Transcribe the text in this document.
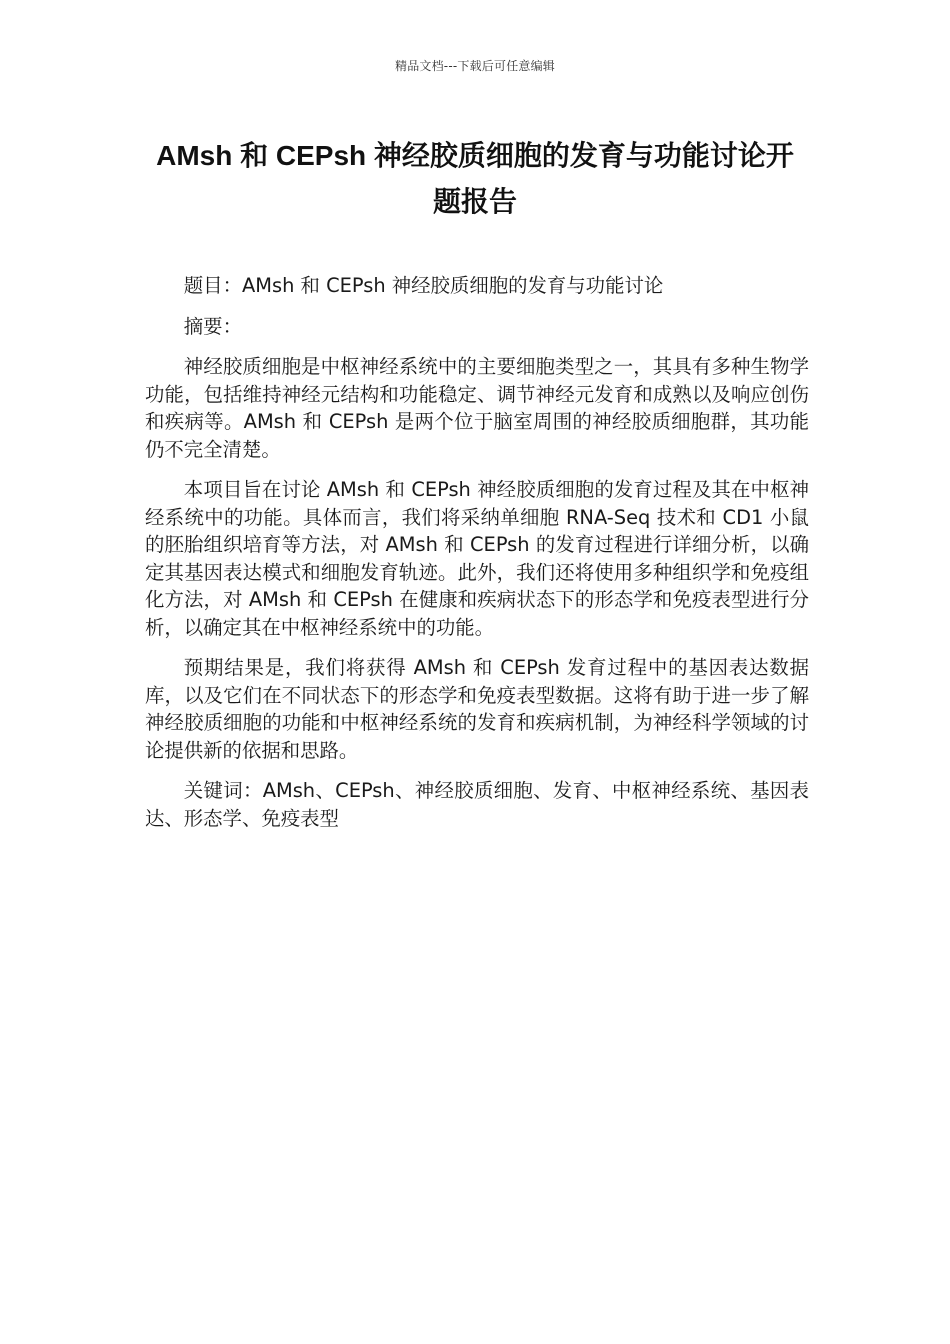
精品文档---下载后可任意编辑
AMsh 和 CEPsh 神经胶质细胞的发育与功能讨论开题报告

题目：AMsh 和 CEPsh 神经胶质细胞的发育与功能讨论

摘要：

神经胶质细胞是中枢神经系统中的主要细胞类型之一，其具有多种生物学功能，包括维持神经元结构和功能稳定、调节神经元发育和成熟以及响应创伤和疾病等。AMsh 和 CEPsh 是两个位于脑室周围的神经胶质细胞群，其功能仍不完全清楚。

本项目旨在讨论 AMsh 和 CEPsh 神经胶质细胞的发育过程及其在中枢神经系统中的功能。具体而言，我们将采纳单细胞 RNA-Seq 技术和 CD1 小鼠的胚胎组织培育等方法，对 AMsh 和 CEPsh 的发育过程进行详细分析，以确定其基因表达模式和细胞发育轨迹。此外，我们还将使用多种组织学和免疫组化方法，对 AMsh 和 CEPsh 在健康和疾病状态下的形态学和免疫表型进行分析，以确定其在中枢神经系统中的功能。

预期结果是，我们将获得 AMsh 和 CEPsh 发育过程中的基因表达数据库，以及它们在不同状态下的形态学和免疫表型数据。这将有助于进一步了解神经胶质细胞的功能和中枢神经系统的发育和疾病机制，为神经科学领域的讨论提供新的依据和思路。

关键词：AMsh、CEPsh、神经胶质细胞、发育、中枢神经系统、基因表达、形态学、免疫表型
